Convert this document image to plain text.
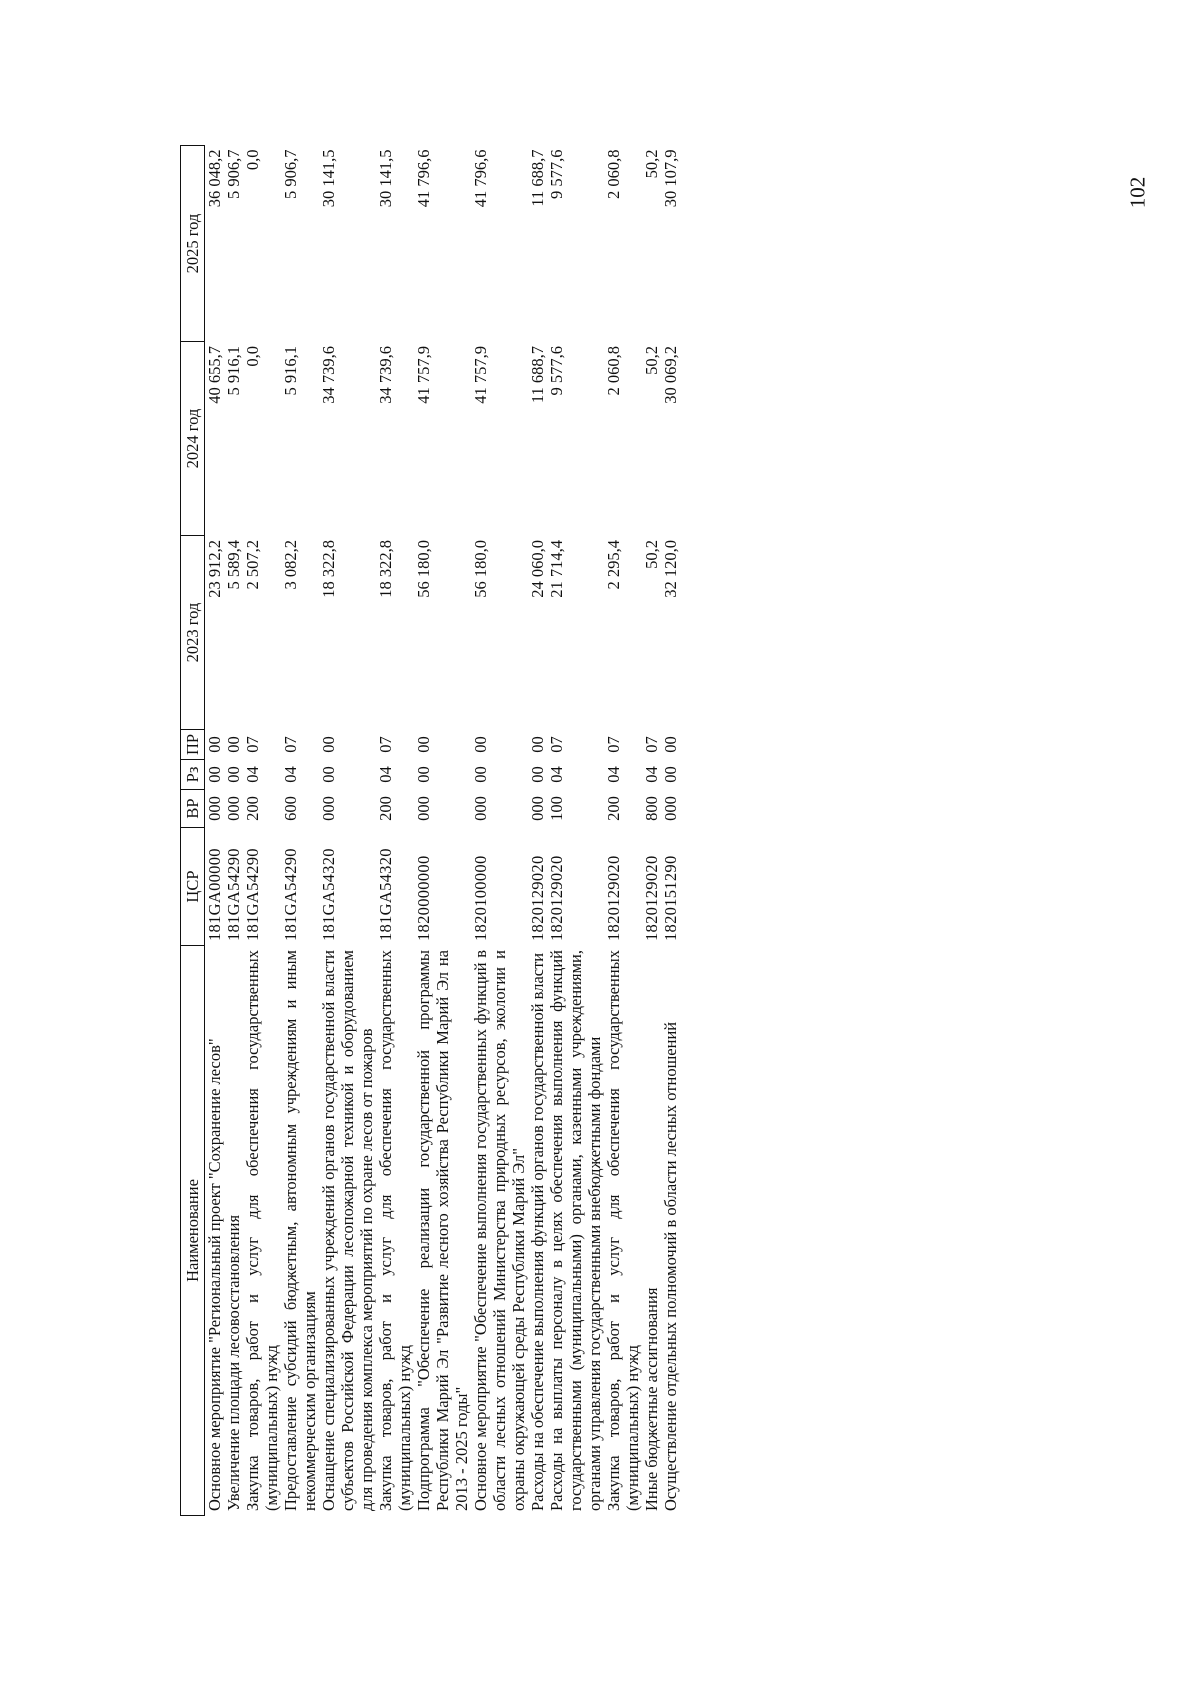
102
Наименование	ЦСР	ВР	Рз	ПР	2023 год	2024 год	2025 год
Основное мероприятие "Региональный проект "Сохранение лесов"	181GA00000	000	00	00	23 912,2	40 655,7	36 048,2
Увеличение площади лесовосстановления	181GA54290	000	00	00	5 589,4	5 916,1	5 906,7
Закупка товаров, работ и услуг для обеспечения государственных (муниципальных) нужд	181GA54290	200	04	07	2 507,2	0,0	0,0
Предоставление субсидий бюджетным, автономным учреждениям и иным некоммерческим организациям	181GA54290	600	04	07	3 082,2	5 916,1	5 906,7
Оснащение специализированных учреждений органов государственной власти субъектов Российской Федерации лесопожарной техникой и оборудованием для проведения комплекса мероприятий по охране лесов от пожаров	181GA54320	000	00	00	18 322,8	34 739,6	30 141,5
Закупка товаров, работ и услуг для обеспечения государственных (муниципальных) нужд	181GA54320	200	04	07	18 322,8	34 739,6	30 141,5
Подпрограмма "Обеспечение реализации государственной программы Республики Марий Эл "Развитие лесного хозяйства Республики Марий Эл на 2013 - 2025 годы"	1820000000	000	00	00	56 180,0	41 757,9	41 796,6
Основное мероприятие "Обеспечение выполнения государственных функций в области лесных отношений Министерства природных ресурсов, экологии и охраны окружающей среды Республики Марий Эл"	1820100000	000	00	00	56 180,0	41 757,9	41 796,6
Расходы на обеспечение выполнения функций органов государственной власти	1820129020	000	00	00	24 060,0	11 688,7	11 688,7
Расходы на выплаты персоналу в целях обеспечения выполнения функций государственными (муниципальными) органами, казенными учреждениями, органами управления государственными внебюджетными фондами	1820129020	100	04	07	21 714,4	9 577,6	9 577,6
Закупка товаров, работ и услуг для обеспечения государственных (муниципальных) нужд	1820129020	200	04	07	2 295,4	2 060,8	2 060,8
Иные бюджетные ассигнования	1820129020	800	04	07	50,2	50,2	50,2
Осуществление отдельных полномочий в области лесных отношений	1820151290	000	00	00	32 120,0	30 069,2	30 107,9
